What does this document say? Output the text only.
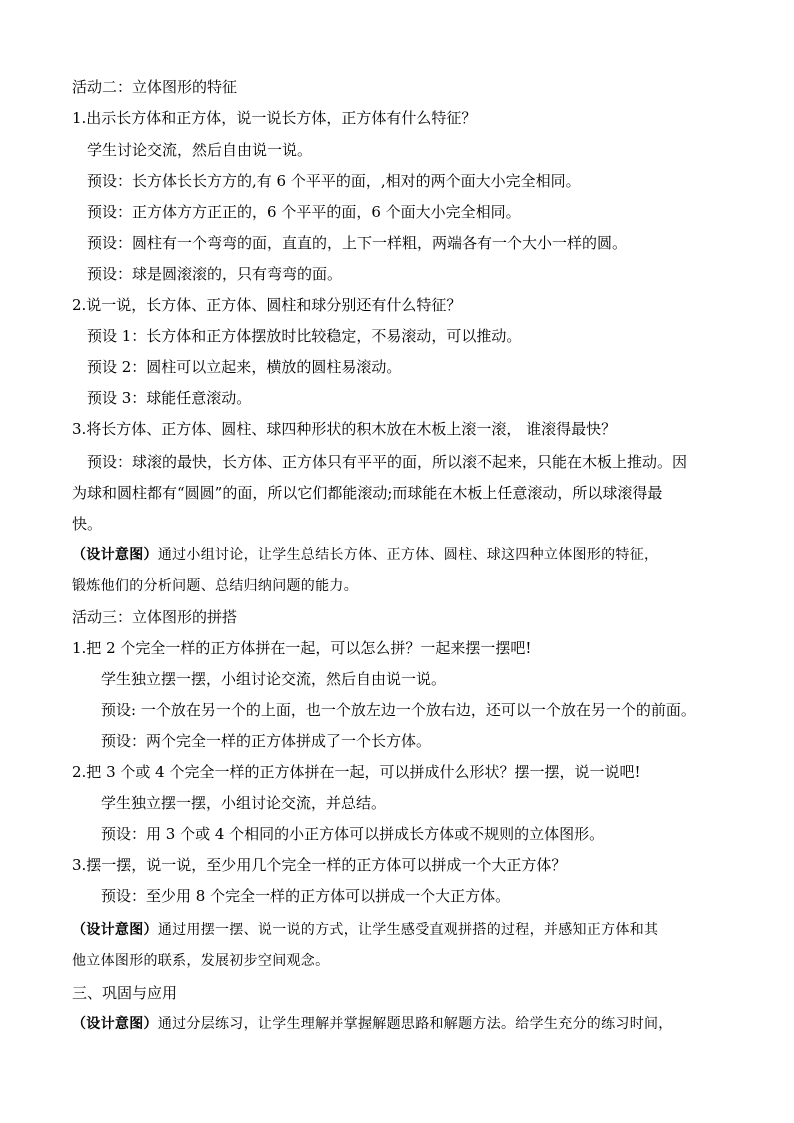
活动二：立体图形的特征
1.出示长方体和正方体，说一说长方体，正方体有什么特征？
学生讨论交流，然后自由说一说。
预设：长方体长长方方的,有 6 个平平的面，,相对的两个面大小完全相同。
预设：正方体方方正正的，6 个平平的面，6 个面大小完全相同。
预设：圆柱有一个弯弯的面，直直的，上下一样粗，两端各有一个大小一样的圆。
预设：球是圆滚滚的，只有弯弯的面。
2.说一说，长方体、正方体、圆柱和球分别还有什么特征？
预设 1：长方体和正方体摆放时比较稳定，不易滚动，可以推动。
预设 2：圆柱可以立起来，横放的圆柱易滚动。
预设 3：球能任意滚动。
3.将长方体、正方体、圆柱、球四种形状的积木放在木板上滚一滚， 谁滚得最快？
预设：球滚的最快，长方体、正方体只有平平的面，所以滚不起来，只能在木板上推动。因
为球和圆柱都有“圆圆”的面，所以它们都能滚动;而球能在木板上任意滚动，所以球滚得最
快。
（设计意图）通过小组讨论，让学生总结长方体、正方体、圆柱、球这四种立体图形的特征，
锻炼他们的分析问题、总结归纳问题的能力。
活动三：立体图形的拼搭
1.把 2 个完全一样的正方体拼在一起，可以怎么拼？一起来摆一摆吧!
学生独立摆一摆，小组讨论交流，然后自由说一说。
预设: 一个放在另一个的上面，也一个放左边一个放右边，还可以一个放在另一个的前面。
预设：两个完全一样的正方体拼成了一个长方体。
2.把 3 个或 4 个完全一样的正方体拼在一起，可以拼成什么形状？摆一摆，说一说吧!
学生独立摆一摆，小组讨论交流，并总结。
预设：用 3 个或 4 个相同的小正方体可以拼成长方体或不规则的立体图形。
3.摆一摆，说一说，至少用几个完全一样的正方体可以拼成一个大正方体？
预设：至少用 8 个完全一样的正方体可以拼成一个大正方体。
（设计意图）通过用摆一摆、说一说的方式，让学生感受直观拼搭的过程，并感知正方体和其
他立体图形的联系，发展初步空间观念。
三、巩固与应用
（设计意图）通过分层练习，让学生理解并掌握解题思路和解题方法。给学生充分的练习时间，
